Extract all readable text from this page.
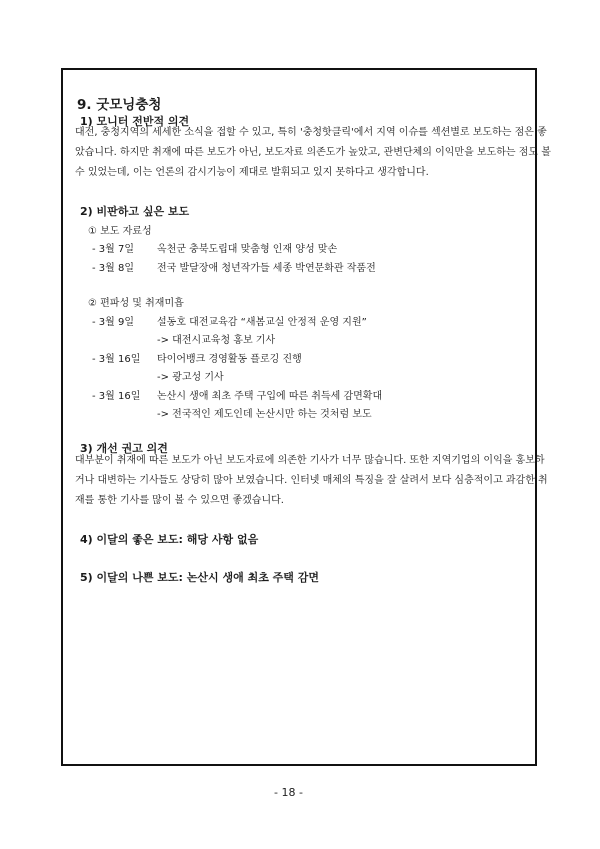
9. 굿모닝충청
1) 모니터 전반적 의견
대전, 충청지역의 세세한 소식을 접할 수 있고, 특히 '충청핫클릭'에서 지역 이슈를 섹션별로 보도하는 점은 좋
았습니다. 하지만 취재에 따른 보도가 아닌, 보도자료 의존도가 높았고, 관변단체의 이익만을 보도하는 점도 볼
수 있었는데, 이는 언론의 감시기능이 제대로 발휘되고 있지 못하다고 생각합니다.
2) 비판하고 싶은 보도
① 보도 자료성
- 3월 7일 옥천군 충북도립대 맞춤형 인재 양성 맞손
- 3월 8일 전국 발달장애 청년작가들 세종 박연문화관 작품전
② 편파성 및 취재미흡
- 3월 9일 설동호 대전교육감 “새봄교실 안정적 운영 지원”
-> 대전시교육청 홍보 기사
- 3월 16일 타이어뱅크 경영활동 플로깅 진행
-> 광고성 기사
- 3월 16일 논산시 생애 최초 주택 구입에 따른 취득세 감면확대
-> 전국적인 제도인데 논산시만 하는 것처럼 보도
3) 개선 권고 의견
대부분이 취재에 따른 보도가 아닌 보도자료에 의존한 기사가 너무 많습니다. 또한 지역기업의 이익을 홍보하
거나 대변하는 기사들도 상당히 많아 보였습니다. 인터넷 매체의 특징을 잘 살려서 보다 심층적이고 과감한 취
재를 통한 기사를 많이 볼 수 있으면 좋겠습니다.
4) 이달의 좋은 보도: 해당 사항 없음
5) 이달의 나쁜 보도: 논산시 생애 최초 주택 감면
- 18 -
